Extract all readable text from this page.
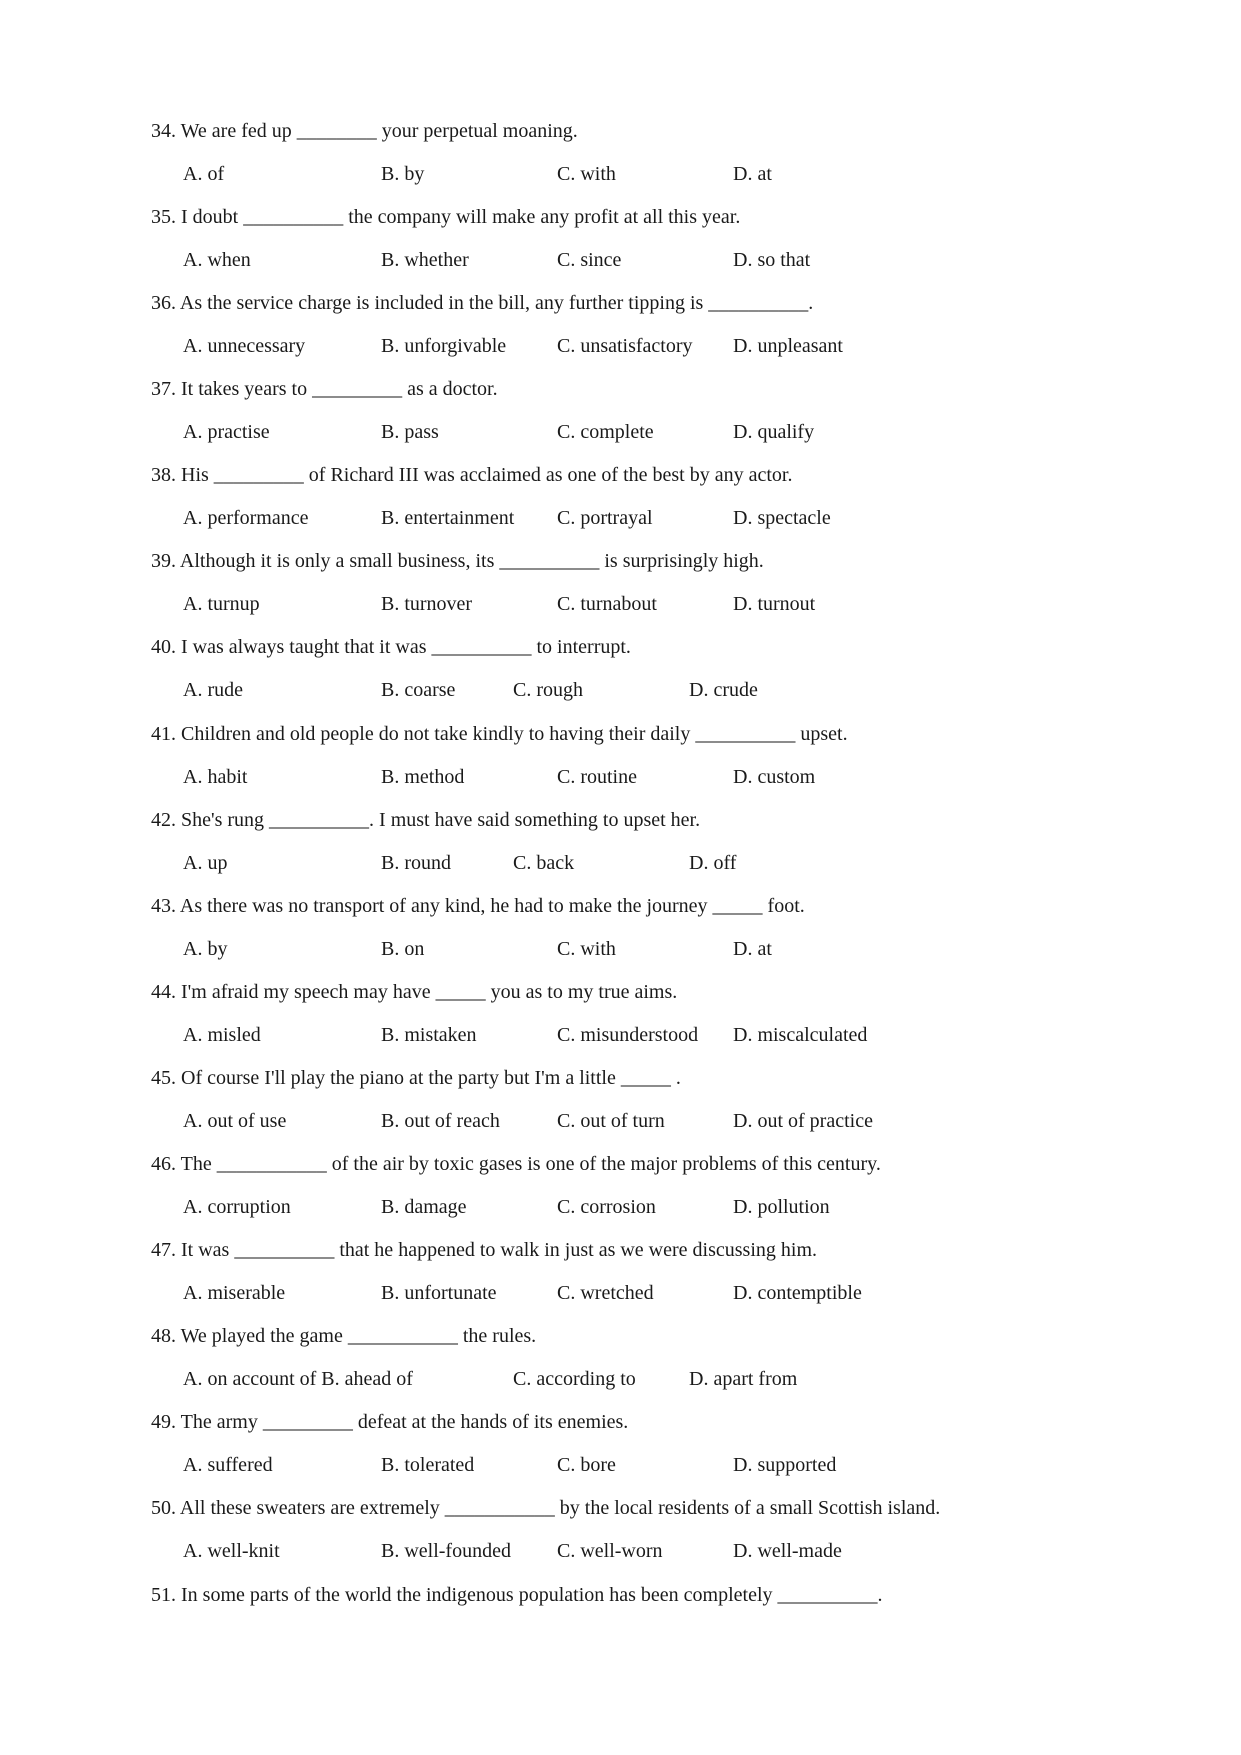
34. We are fed up ________ your perpetual moaning.
A. of	B. by	C. with	D. at
35. I doubt __________ the company will make any profit at all this year.
A. when	B. whether	C. since	D. so that
36. As the service charge is included in the bill, any further tipping is __________.
A. unnecessary	B. unforgivable	C. unsatisfactory D. unpleasant
37. It takes years to _________ as a doctor.
A. practise	B. pass	C. complete	D. qualify
38. His _________ of Richard III was acclaimed as one of the best by any actor.
A. performance	B. entertainment C. portrayal	D. spectacle
39. Although it is only a small business, its __________ is surprisingly high.
A. turnup	B. turnover	C. turnabout	D. turnout
40. I was always taught that it was __________ to interrupt.
A. rude	B. coarse	C. rough	D. crude
41. Children and old people do not take kindly to having their daily __________ upset.
A. habit	B. method	C. routine	D. custom
42. She's rung __________. I must have said something to upset her.
A. up	B. round	C. back	D. off
43. As there was no transport of any kind, he had to make the journey _____ foot.
A. by	B. on	C. with	D. at
44. I'm afraid my speech may have _____ you as to my true aims.
A. misled	B. mistaken	C. misunderstood D. miscalculated
45. Of course I'll play the piano at the party but I'm a little _____ .
A. out of use	B. out of reach	C. out of turn	D. out of practice
46. The ___________ of the air by toxic gases is one of the major problems of this century.
A. corruption	B. damage	C. corrosion	D. pollution
47. It was __________ that he happened to walk in just as we were discussing him.
A. miserable	B. unfortunate	C. wretched	D. contemptible
48. We played the game ___________ the rules.
A. on account of B. ahead of	C. according to	D. apart from
49. The army _________ defeat at the hands of its enemies.
A. suffered	B. tolerated	C. bore	D. supported
50. All these sweaters are extremely ___________ by the local residents of a small Scottish island.
A. well-knit	B. well-founded C. well-worn	D. well-made
51. In some parts of the world the indigenous population has been completely __________.
